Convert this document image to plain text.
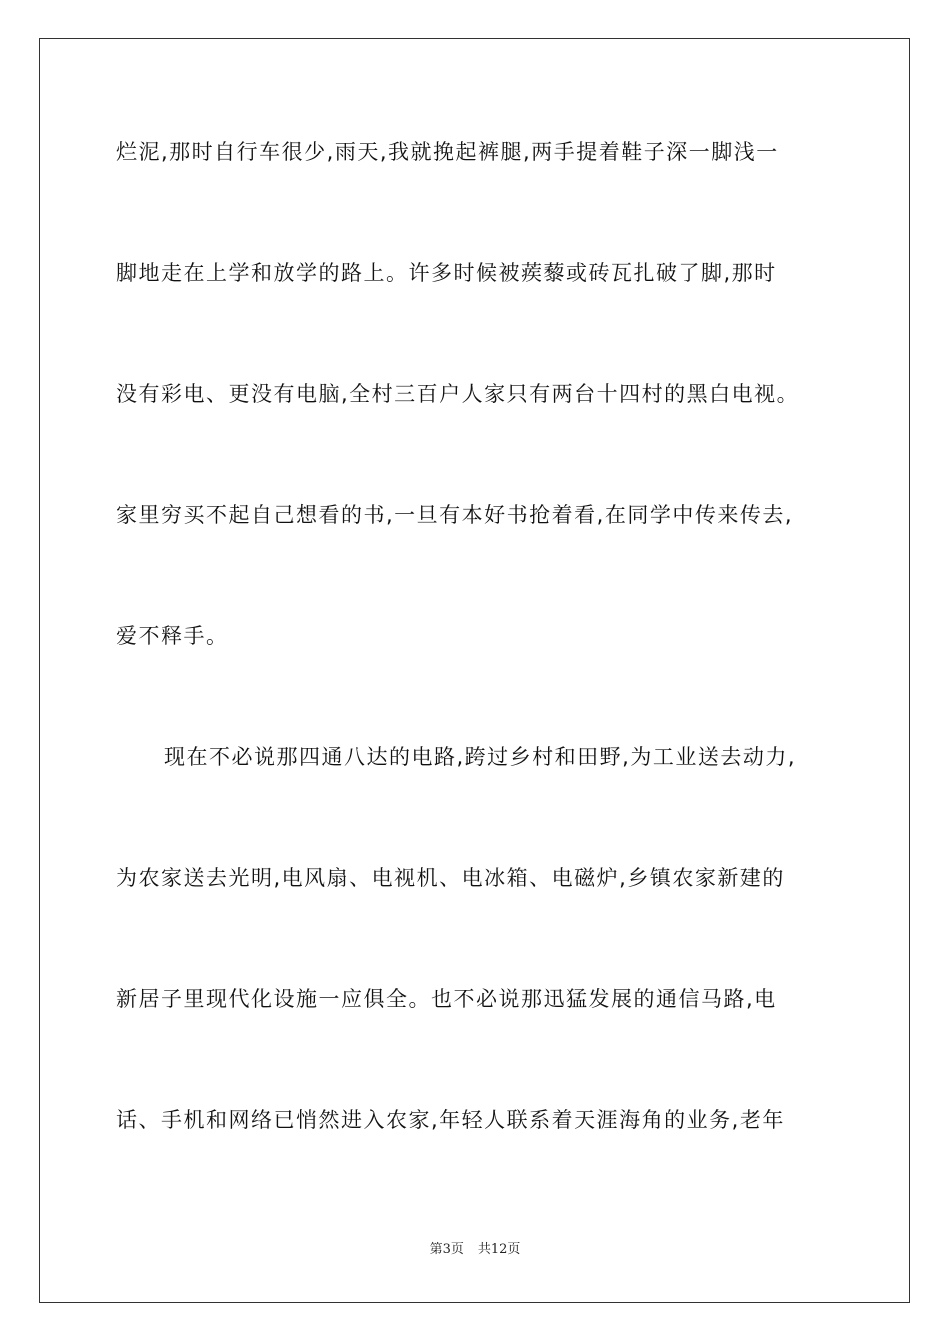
烂泥,那时自行车很少,雨天,我就挽起裤腿,两手提着鞋子深一脚浅一
脚地走在上学和放学的路上。许多时候被蒺藜或砖瓦扎破了脚,那时
没有彩电、更没有电脑,全村三百户人家只有两台十四村的黑白电视。
家里穷买不起自己想看的书,一旦有本好书抢着看,在同学中传来传去,
爱不释手。
现在不必说那四通八达的电路,跨过乡村和田野,为工业送去动力,
为农家送去光明,电风扇、电视机、电冰箱、电磁炉,乡镇农家新建的
新居子里现代化设施一应俱全。也不必说那迅猛发展的通信马路,电
话、手机和网络已悄然进入农家,年轻人联系着天涯海角的业务,老年
第3页 共12页
